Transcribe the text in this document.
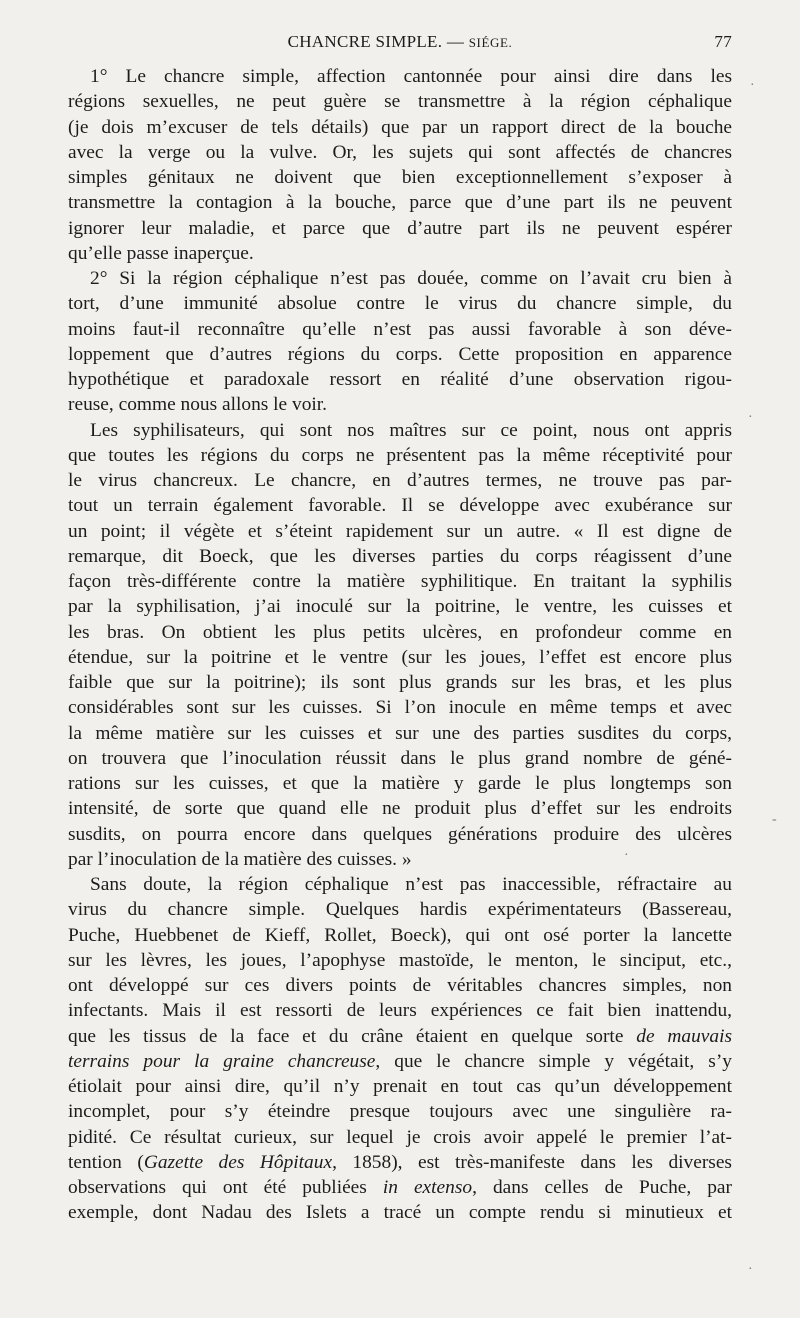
CHANCRE SIMPLE. — SIÉGE.	77
1° Le chancre simple, affection cantonnée pour ainsi dire dans les
régions sexuelles, ne peut guère se transmettre à la région céphalique
(je dois m’excuser de tels détails) que par un rapport direct de la bouche
avec la verge ou la vulve. Or, les sujets qui sont affectés de chancres
simples génitaux ne doivent que bien exceptionnellement s’exposer à
transmettre la contagion à la bouche, parce que d’une part ils ne peuvent
ignorer leur maladie, et parce que d’autre part ils ne peuvent espérer
qu’elle passe inaperçue.
2° Si la région céphalique n’est pas douée, comme on l’avait cru bien à
tort, d’une immunité absolue contre le virus du chancre simple, du
moins faut-il reconnaître qu’elle n’est pas aussi favorable à son déve-
loppement que d’autres régions du corps. Cette proposition en apparence
hypothétique et paradoxale ressort en réalité d’une observation rigou-
reuse, comme nous allons le voir.
Les syphilisateurs, qui sont nos maîtres sur ce point, nous ont appris
que toutes les régions du corps ne présentent pas la même réceptivité pour
le virus chancreux. Le chancre, en d’autres termes, ne trouve pas par-
tout un terrain également favorable. Il se développe avec exubérance sur
un point; il végète et s’éteint rapidement sur un autre. « Il est digne de
remarque, dit Boeck, que les diverses parties du corps réagissent d’une
façon très-différente contre la matière syphilitique. En traitant la syphilis
par la syphilisation, j’ai inoculé sur la poitrine, le ventre, les cuisses et
les bras. On obtient les plus petits ulcères, en profondeur comme en
étendue, sur la poitrine et le ventre (sur les joues, l’effet est encore plus
faible que sur la poitrine); ils sont plus grands sur les bras, et les plus
considérables sont sur les cuisses. Si l’on inocule en même temps et avec
la même matière sur les cuisses et sur une des parties susdites du corps,
on trouvera que l’inoculation réussit dans le plus grand nombre de géné-
rations sur les cuisses, et que la matière y garde le plus longtemps son
intensité, de sorte que quand elle ne produit plus d’effet sur les endroits
susdits, on pourra encore dans quelques générations produire des ulcères
par l’inoculation de la matière des cuisses. »
Sans doute, la région céphalique n’est pas inaccessible, réfractaire au
virus du chancre simple. Quelques hardis expérimentateurs (Bassereau,
Puche, Huebbenet de Kieff, Rollet, Boeck), qui ont osé porter la lancette
sur les lèvres, les joues, l’apophyse mastoïde, le menton, le sinciput, etc.,
ont développé sur ces divers points de véritables chancres simples, non
infectants. Mais il est ressorti de leurs expériences ce fait bien inattendu,
que les tissus de la face et du crâne étaient en quelque sorte de mauvais
terrains pour la graine chancreuse, que le chancre simple y végétait, s’y
étiolait pour ainsi dire, qu’il n’y prenait en tout cas qu’un développement
incomplet, pour s’y éteindre presque toujours avec une singulière ra-
pidité. Ce résultat curieux, sur lequel je crois avoir appelé le premier l’at-
tention (Gazette des Hôpitaux, 1858), est très-manifeste dans les diverses
observations qui ont été publiées in extenso, dans celles de Puche, par
exemple, dont Nadau des Islets a tracé un compte rendu si minutieux et
·
·
-
·
·
